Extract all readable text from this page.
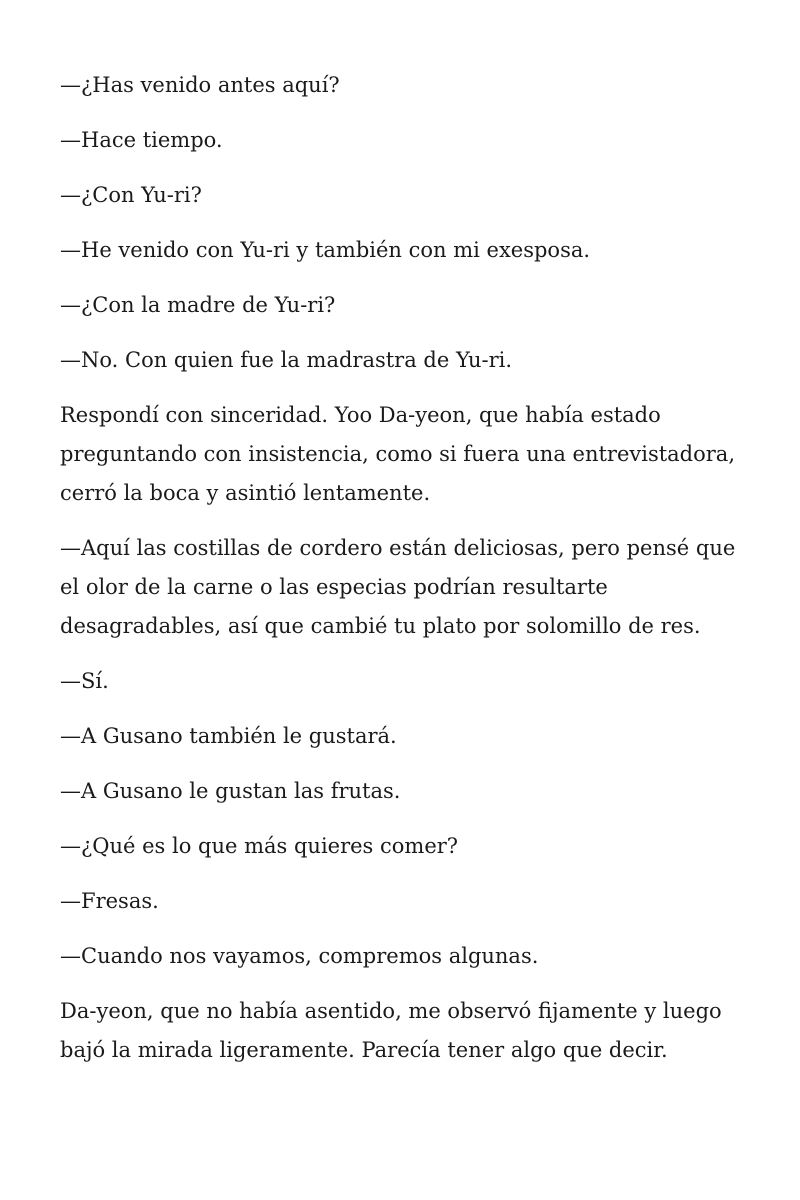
—¿Has venido antes aquí?

—Hace tiempo.

—¿Con Yu-ri?

—He venido con Yu-ri y también con mi exesposa.

—¿Con la madre de Yu-ri?

—No. Con quien fue la madrastra de Yu-ri.

Respondí con sinceridad. Yoo Da-yeon, que había estado preguntando con insistencia, como si fuera una entrevistadora, cerró la boca y asintió lentamente.

—Aquí las costillas de cordero están deliciosas, pero pensé que el olor de la carne o las especias podrían resultarte desagradables, así que cambié tu plato por solomillo de res.

—Sí.

—A Gusano también le gustará.

—A Gusano le gustan las frutas.

—¿Qué es lo que más quieres comer?

—Fresas.

—Cuando nos vayamos, compremos algunas.

Da-yeon, que no había asentido, me observó fijamente y luego bajó la mirada ligeramente. Parecía tener algo que decir.
